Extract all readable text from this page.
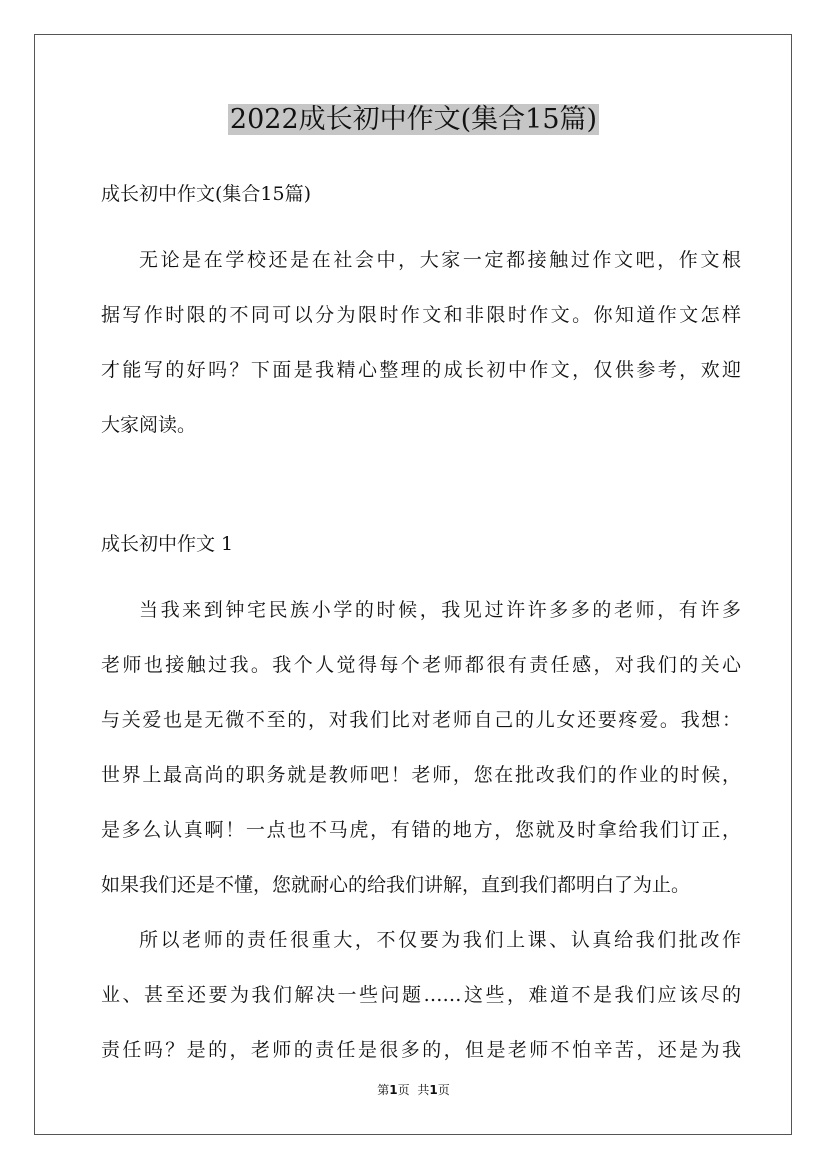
2022成长初中作文(集合15篇)
成长初中作文(集合15篇)
无论是在学校还是在社会中，大家一定都接触过作文吧，作文根
据写作时限的不同可以分为限时作文和非限时作文。你知道作文怎样
才能写的好吗？下面是我精心整理的成长初中作文，仅供参考，欢迎
大家阅读。
成长初中作文 1
当我来到钟宅民族小学的时候，我见过许许多多的老师，有许多
老师也接触过我。我个人觉得每个老师都很有责任感，对我们的关心
与关爱也是无微不至的，对我们比对老师自己的儿女还要疼爱。我想：
世界上最高尚的职务就是教师吧！老师，您在批改我们的作业的时候，
是多么认真啊！一点也不马虎，有错的地方，您就及时拿给我们订正，
如果我们还是不懂，您就耐心的给我们讲解，直到我们都明白了为止。
所以老师的责任很重大，不仅要为我们上课、认真给我们批改作
业、甚至还要为我们解决一些问题……这些，难道不是我们应该尽的
责任吗？是的，老师的责任是很多的，但是老师不怕辛苦，还是为我
第1页 共1页
